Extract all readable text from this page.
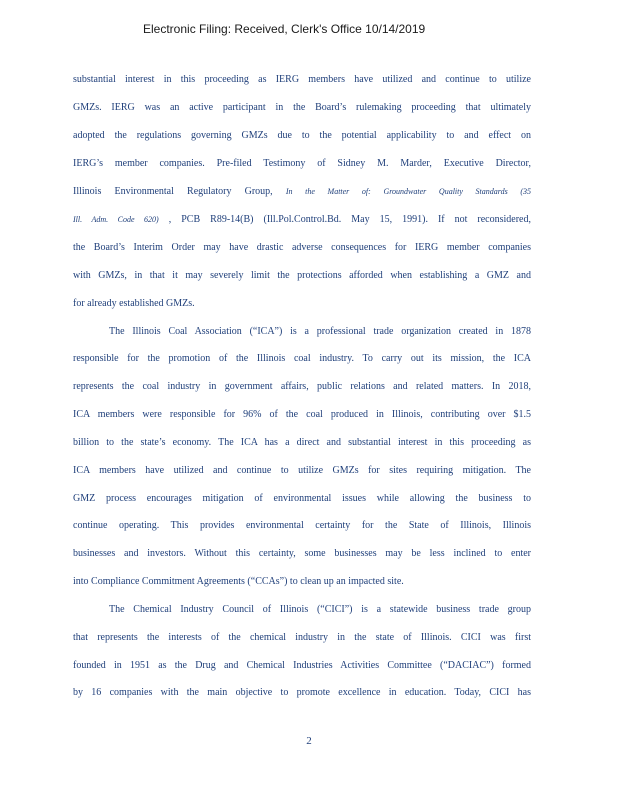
Electronic Filing: Received, Clerk's Office 10/14/2019
substantial interest in this proceeding as IERG members have utilized and continue to utilize
GMZs. IERG was an active participant in the Board’s rulemaking proceeding that ultimately
adopted the regulations governing GMZs due to the potential applicability to and effect on
IERG’s member companies. Pre-filed Testimony of Sidney M. Marder, Executive Director,
Illinois Environmental Regulatory Group, In the Matter of: Groundwater Quality Standards (35
Ill. Adm. Code 620) , PCB R89-14(B) (Ill.Pol.Control.Bd. May 15, 1991). If not reconsidered,
the Board’s Interim Order may have drastic adverse consequences for IERG member companies
with GMZs, in that it may severely limit the protections afforded when establishing a GMZ and
for already established GMZs.
The Illinois Coal Association (“ICA”) is a professional trade organization created in 1878
responsible for the promotion of the Illinois coal industry. To carry out its mission, the ICA
represents the coal industry in government affairs, public relations and related matters. In 2018,
ICA members were responsible for 96% of the coal produced in Illinois, contributing over $1.5
billion to the state’s economy. The ICA has a direct and substantial interest in this proceeding as
ICA members have utilized and continue to utilize GMZs for sites requiring mitigation. The
GMZ process encourages mitigation of environmental issues while allowing the business to
continue operating. This provides environmental certainty for the State of Illinois, Illinois
businesses and investors. Without this certainty, some businesses may be less inclined to enter
into Compliance Commitment Agreements (“CCAs”) to clean up an impacted site.
The Chemical Industry Council of Illinois (“CICI”) is a statewide business trade group
that represents the interests of the chemical industry in the state of Illinois. CICI was first
founded in 1951 as the Drug and Chemical Industries Activities Committee (“DACIAC”) formed
by 16 companies with the main objective to promote excellence in education. Today, CICI has
2
